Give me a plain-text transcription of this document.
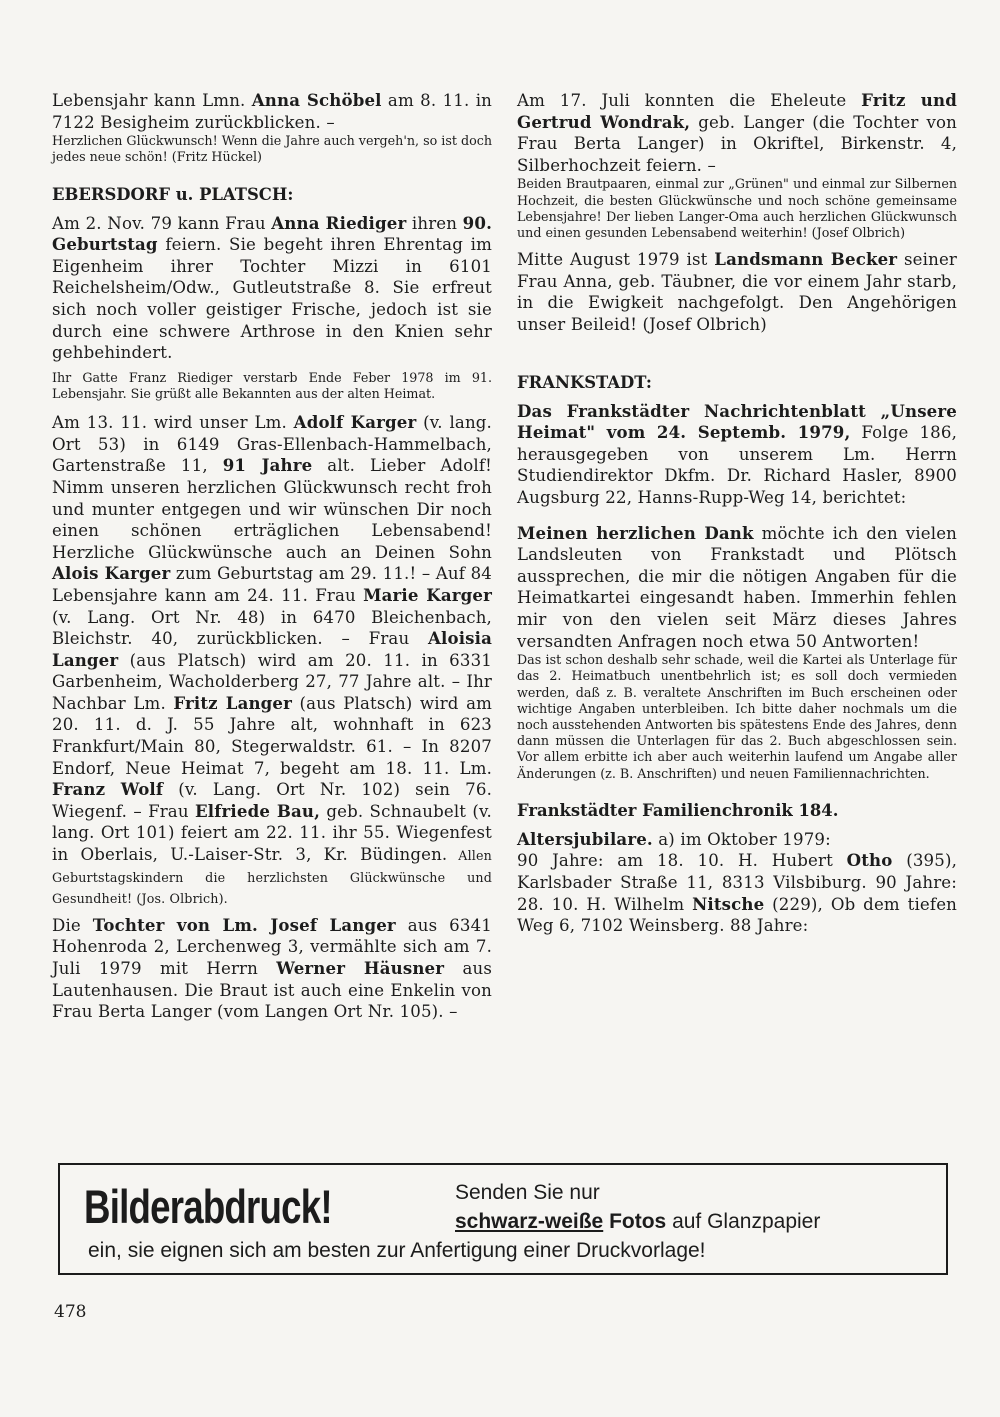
Lebensjahr kann Lmn. Anna Schöbel am 8. 11. in 7122 Besigheim zurückblicken. –

Herzlichen Glückwunsch! Wenn die Jahre auch vergeh'n, so ist doch jedes neue schön! (Fritz Hückel)

EBERSDORF u. PLATSCH:

Am 2. Nov. 79 kann Frau Anna Riediger ihren 90. Geburtstag feiern. Sie begeht ihren Ehrentag im Eigenheim ihrer Tochter Mizzi in 6101 Reichelsheim/Odw., Gutleutstraße 8. Sie erfreut sich noch voller geistiger Frische, jedoch ist sie durch eine schwere Arthrose in den Knien sehr gehbehindert.

Ihr Gatte Franz Riediger verstarb Ende Feber 1978 im 91. Lebensjahr. Sie grüßt alle Bekannten aus der alten Heimat.

Am 13. 11. wird unser Lm. Adolf Karger (v. lang. Ort 53) in 6149 Gras-Ellenbach-Hammelbach, Gartenstraße 11, 91 Jahre alt. Lieber Adolf! Nimm unseren herzlichen Glückwunsch recht froh und munter entgegen und wir wünschen Dir noch einen schönen erträglichen Lebensabend! Herzliche Glückwünsche auch an Deinen Sohn Alois Karger zum Geburtstag am 29. 11.! – Auf 84 Lebensjahre kann am 24. 11. Frau Marie Karger (v. Lang. Ort Nr. 48) in 6470 Bleichenbach, Bleichstr. 40, zurückblicken. – Frau Aloisia Langer (aus Platsch) wird am 20. 11. in 6331 Garbenheim, Wacholderberg 27, 77 Jahre alt. – Ihr Nachbar Lm. Fritz Langer (aus Platsch) wird am 20. 11. d. J. 55 Jahre alt, wohnhaft in 623 Frankfurt/Main 80, Stegerwaldstr. 61. – In 8207 Endorf, Neue Heimat 7, begeht am 18. 11. Lm. Franz Wolf (v. Lang. Ort Nr. 102) sein 76. Wiegenf. – Frau Elfriede Bau, geb. Schnaubelt (v. lang. Ort 101) feiert am 22. 11. ihr 55. Wiegenfest in Oberlais, U.-Laiser-Str. 3, Kr. Büdingen. Allen Geburtstagskindern die herzlichsten Glückwünsche und Gesundheit! (Jos. Olbrich).

Die Tochter von Lm. Josef Langer aus 6341 Hohenroda 2, Lerchenweg 3, vermählte sich am 7. Juli 1979 mit Herrn Werner Häusner aus Lautenhausen. Die Braut ist auch eine Enkelin von Frau Berta Langer (vom Langen Ort Nr. 105). –

Am 17. Juli konnten die Eheleute Fritz und Gertrud Wondrak, geb. Langer (die Tochter von Frau Berta Langer) in Okriftel, Birkenstr. 4, Silberhochzeit feiern. –

Beiden Brautpaaren, einmal zur „Grünen" und einmal zur Silbernen Hochzeit, die besten Glückwünsche und noch schöne gemeinsame Lebensjahre! Der lieben Langer-Oma auch herzlichen Glückwunsch und einen gesunden Lebensabend weiterhin! (Josef Olbrich)

Mitte August 1979 ist Landsmann Becker seiner Frau Anna, geb. Täubner, die vor einem Jahr starb, in die Ewigkeit nachgefolgt. Den Angehörigen unser Beileid! (Josef Olbrich)

FRANKSTADT:

Das Frankstädter Nachrichtenblatt „Unsere Heimat" vom 24. Septemb. 1979, Folge 186, herausgegeben von unserem Lm. Herrn Studiendirektor Dkfm. Dr. Richard Hasler, 8900 Augsburg 22, Hanns-Rupp-Weg 14, berichtet:

Meinen herzlichen Dank möchte ich den vielen Landsleuten von Frankstadt und Plötsch aussprechen, die mir die nötigen Angaben für die Heimatkartei eingesandt haben. Immerhin fehlen mir von den vielen seit März dieses Jahres versandten Anfragen noch etwa 50 Antworten!

Das ist schon deshalb sehr schade, weil die Kartei als Unterlage für das 2. Heimatbuch unentbehrlich ist; es soll doch vermieden werden, daß z. B. veraltete Anschriften im Buch erscheinen oder wichtige Angaben unterbleiben. Ich bitte daher nochmals um die noch ausstehenden Antworten bis spätestens Ende des Jahres, denn dann müssen die Unterlagen für das 2. Buch abgeschlossen sein. Vor allem erbitte ich aber auch weiterhin laufend um Angabe aller Änderungen (z. B. Anschriften) und neuen Familiennachrichten.

Frankstädter Familienchronik 184.

Altersjubilare. a) im Oktober 1979:

90 Jahre: am 18. 10. H. Hubert Otho (395), Karlsbader Straße 11, 8313 Vilsbiburg. 90 Jahre: 28. 10. H. Wilhelm Nitsche (229), Ob dem tiefen Weg 6, 7102 Weinsberg. 88 Jahre:

Bilderabdruck!	Senden Sie nur
schwarz-weiße Fotos auf Glanzpapier
ein, sie eignen sich am besten zur Anfertigung einer Druckvorlage!
478
